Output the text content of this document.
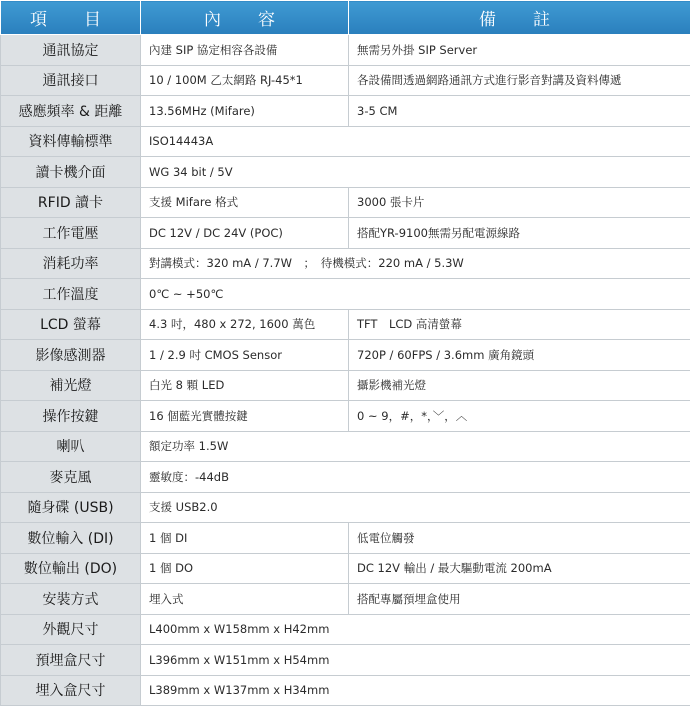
項　目	內　容	備　註
通訊協定	內建 SIP 協定相容各設備	無需另外掛 SIP Server
通訊接口	10 / 100M 乙太網路 RJ-45*1	各設備間透過網路通訊方式進行影音對講及資料傳遞
感應頻率 & 距離	13.56MHz (Mifare)	3-5 CM
資料傳輸標準	ISO14443A	
讀卡機介面	WG 34 bit / 5V	
RFID 讀卡	支援 Mifare 格式	3000 張卡片
工作電壓	DC 12V / DC 24V (POC)	搭配YR-9100無需另配電源線路
消耗功率	對講模式：320 mA / 7.7W　；　待機模式：220 mA / 5.3W	
工作溫度	0℃ ~ +50℃	
LCD 螢幕	4.3 吋，480 x 272, 1600 萬色	TFT　LCD 高清螢幕
影像感測器	1 / 2.9 吋 CMOS Sensor	720P / 60FPS / 3.6mm 廣角鏡頭
補光燈	白光 8 顆 LED	攝影機補光燈
操作按鍵	16 個藍光實體按鍵	0 ~ 9，#，*，﹀，︿
喇叭	額定功率 1.5W	
麥克風	靈敏度：-44dB	
隨身碟 (USB)	支援 USB2.0	
數位輸入 (DI)	1 個 DI	低電位觸發
數位輸出 (DO)	1 個 DO	DC 12V 輸出 / 最大驅動電流 200mA
安裝方式	埋入式	搭配專屬預埋盒使用
外觀尺寸	L400mm x W158mm x H42mm	
預埋盒尺寸	L396mm x W151mm x H54mm	
埋入盒尺寸	L389mm x W137mm x H34mm	
